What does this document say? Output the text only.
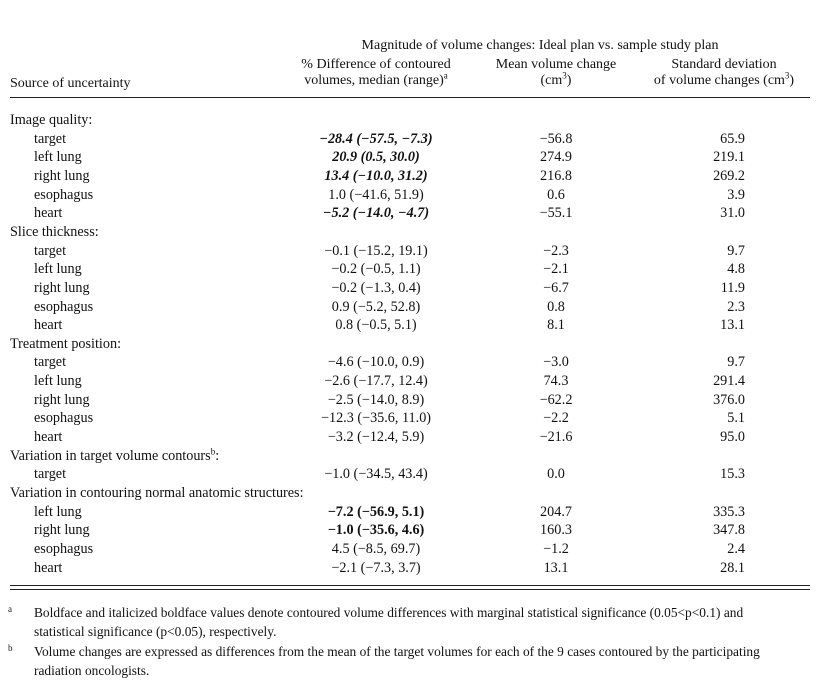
Magnitude of volume changes: Ideal plan vs. sample study plan
Source of uncertainty
% Difference of contoured
volumes, median (range)$^a$
Mean volume change
$(cm^3)$
Standard deviation
of volume changes $(cm^3)$
Image quality:
target	−28.4 (−57.5, −7.3)	−56.8	65.9
left lung	20.9 (0.5, 30.0)	274.9	219.1
right lung	13.4 (−10.0, 31.2)	216.8	269.2
esophagus	1.0 (−41.6, 51.9)	0.6	3.9
heart	−5.2 (−14.0, −4.7)	−55.1	31.0
Slice thickness:
target	−0.1 (−15.2, 19.1)	−2.3	9.7
left lung	−0.2 (−0.5, 1.1)	−2.1	4.8
right lung	−0.2 (−1.3, 0.4)	−6.7	11.9
esophagus	0.9 (−5.2, 52.8)	0.8	2.3
heart	0.8 (−0.5, 5.1)	8.1	13.1
Treatment position:
target	−4.6 (−10.0, 0.9)	−3.0	9.7
left lung	−2.6 (−17.7, 12.4)	74.3	291.4
right lung	−2.5 (−14.0, 8.9)	−62.2	376.0
esophagus	−12.3 (−35.6, 11.0)	−2.2	5.1
heart	−3.2 (−12.4, 5.9)	−21.6	95.0
Variation in target volume contours$^b$:
target	−1.0 (−34.5, 43.4)	0.0	15.3
Variation in contouring normal anatomic structures:
left lung	−7.2 (−56.9, 5.1)	204.7	335.3
right lung	−1.0 (−35.6, 4.6)	160.3	347.8
esophagus	4.5 (−8.5, 69.7)	−1.2	2.4
heart	−2.1 (−7.3, 3.7)	13.1	28.1
a Boldface and italicized boldface values denote contoured volume differences with marginal statistical significance (0.05<p<0.1) and statistical significance (p<0.05), respectively.
b Volume changes are expressed as differences from the mean of the target volumes for each of the 9 cases contoured by the participating radiation oncologists.
